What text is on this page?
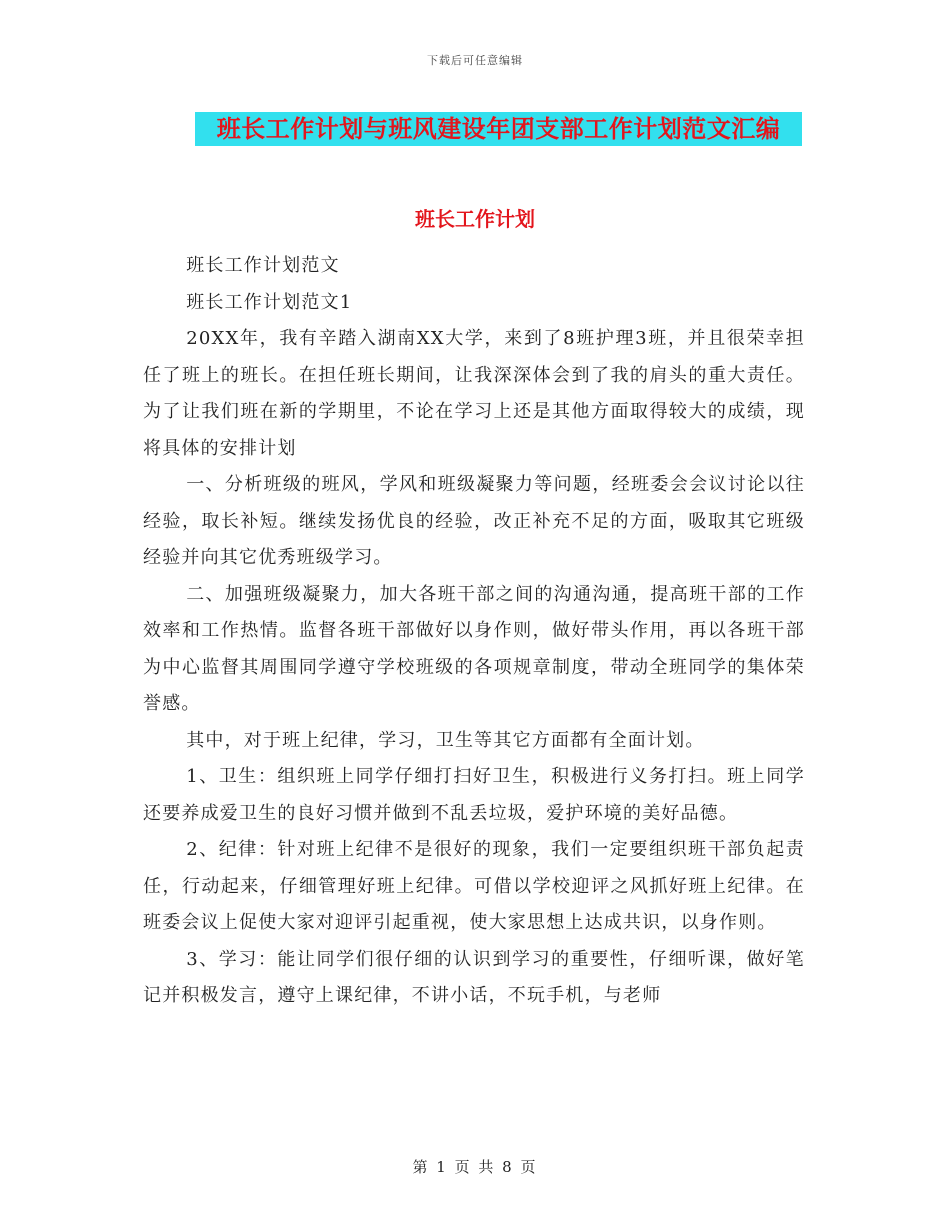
下载后可任意编辑
班长工作计划与班风建设年团支部工作计划范文汇编
班长工作计划

班长工作计划范文

班长工作计划范文1

20XX年，我有辛踏入湖南XX大学，来到了8班护理3班，并且很荣幸担任了班上的班长。在担任班长期间，让我深深体会到了我的肩头的重大责任。为了让我们班在新的学期里，不论在学习上还是其他方面取得较大的成绩，现将具体的安排计划

一、分析班级的班风，学风和班级凝聚力等问题，经班委会会议讨论以往经验，取长补短。继续发扬优良的经验，改正补充不足的方面，吸取其它班级经验并向其它优秀班级学习。

二、加强班级凝聚力，加大各班干部之间的沟通沟通，提高班干部的工作效率和工作热情。监督各班干部做好以身作则，做好带头作用，再以各班干部为中心监督其周围同学遵守学校班级的各项规章制度，带动全班同学的集体荣誉感。

其中，对于班上纪律，学习，卫生等其它方面都有全面计划。

1、卫生：组织班上同学仔细打扫好卫生，积极进行义务打扫。班上同学还要养成爱卫生的良好习惯并做到不乱丢垃圾，爱护环境的美好品德。

2、纪律：针对班上纪律不是很好的现象，我们一定要组织班干部负起责任，行动起来，仔细管理好班上纪律。可借以学校迎评之风抓好班上纪律。在班委会议上促使大家对迎评引起重视，使大家思想上达成共识，以身作则。

3、学习：能让同学们很仔细的认识到学习的重要性，仔细听课，做好笔记并积极发言，遵守上课纪律，不讲小话，不玩手机，与老师

第 1 页 共 8 页
